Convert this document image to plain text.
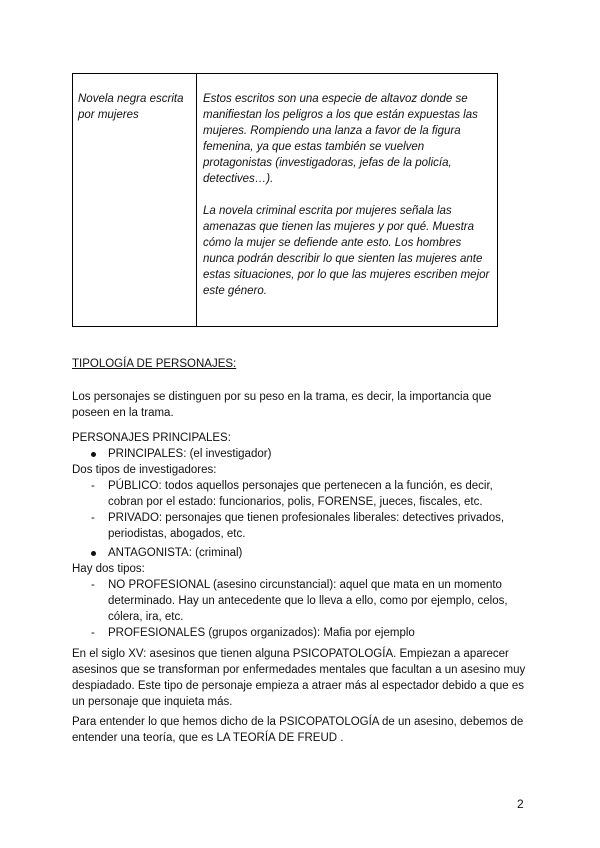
Novela negra escrita por mujeres	

Estos escritos son una especie de altavoz donde se manifiestan los peligros a los que están expuestas las mujeres. Rompiendo una lanza a favor de la figura femenina, ya que estas también se vuelven protagonistas (investigadoras, jefas de la policía, detectives…).

La novela criminal escrita por mujeres señala las amenazas que tienen las mujeres y por qué. Muestra cómo la mujer se defiende ante esto. Los hombres nunca podrán describir lo que sienten las mujeres ante estas situaciones, por lo que las mujeres escriben mejor este género.

TIPOLOGÍA DE PERSONAJES:

Los personajes se distinguen por su peso en la trama, es decir, la importancia que poseen en la trama.

PERSONAJES PRINCIPALES:
PRINCIPALES: (el investigador)
Dos tipos de investigadores:
- PÚBLICO: todos aquellos personajes que pertenecen a la función, es decir, cobran por el estado: funcionarios, polis, FORENSE, jueces, fiscales, etc.
- PRIVADO: personajes que tienen profesionales liberales: detectives privados, periodistas, abogados, etc.
ANTAGONISTA: (criminal)
Hay dos tipos:
- NO PROFESIONAL (asesino circunstancial): aquel que mata en un momento determinado. Hay un antecedente que lo lleva a ello, como por ejemplo, celos, cólera, ira, etc.
- PROFESIONALES (grupos organizados): Mafia por ejemplo

En el siglo XV: asesinos que tienen alguna PSICOPATOLOGÍA. Empiezan a aparecer asesinos que se transforman por enfermedades mentales que facultan a un asesino muy despiadado. Este tipo de personaje empieza a atraer más al espectador debido a que es un personaje que inquieta más.

Para entender lo que hemos dicho de la PSICOPATOLOGÍA de un asesino, debemos de entender una teoría, que es LA TEORÍA DE FREUD .

2
